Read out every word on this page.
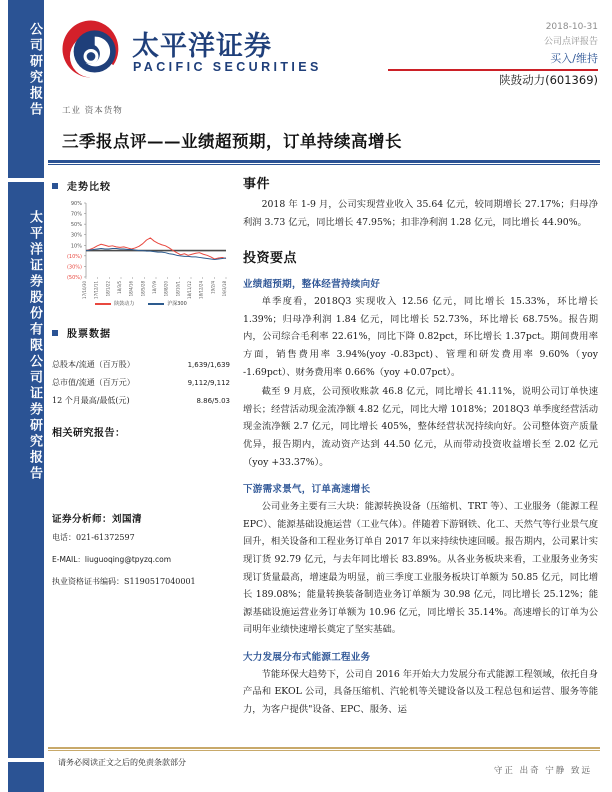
公司研究报告
太平洋证券股份有限公司证券研究报告
太平洋证券
PACIFIC SECURITIES
2018-10-31
公司点评报告
买入/维持
陕鼓动力(601369)
工业 资本货物
三季报点评——业绩超预期，订单持续高增长
走势比较
90%
70%
50%
30%
10%
(10%)
(30%)
(50%)
17/10/30 17/12/11 18/1/22 18/3/5 18/4/16 18/5/28 18/7/9 18/8/20 18/10/1 18/11/12 18/12/24 19/2/4 19/3/18
陕鼓动力	沪深300
股票数据
总股本/流通（百万股）	1,639/1,639
总市值/流通（百万元）	9,112/9,112
12 个月最高/最低(元)	8.86/5.03
相关研究报告：
证券分析师：刘国清
电话：021-61372597
E-MAIL：liuguoqing@tpyzq.com
执业资格证书编码：S1190517040001
事件

2018 年 1-9 月，公司实现营业收入 35.64 亿元，较同期增长 27.17%；归母净利润 3.73 亿元，同比增长 47.95%；扣非净利润 1.28 亿元，同比增长 44.90%。

投资要点
业绩超预期，整体经营持续向好

单季度看，2018Q3 实现收入 12.56 亿元，同比增长 15.33%，环比增长 1.39%；归母净利润 1.84 亿元，同比增长 52.73%，环比增长 68.75%。报告期内，公司综合毛利率 22.61%，同比下降 0.82pct，环比增长 1.37pct。期间费用率方面，销售费用率 3.94%(yoy -0.83pct)、管理和研发费用率 9.60%（yoy -1.69pct）、财务费用率 0.66%（yoy +0.07pct）。

截至 9 月底，公司预收账款 46.8 亿元，同比增长 41.11%，说明公司订单快速增长；经营活动现金流净额 4.82 亿元，同比大增 1018%；2018Q3 单季度经营活动现金流净额 2.7 亿元，同比增长 405%，整体经营状况持续向好。公司整体资产质量优异，报告期内，流动资产达到 44.50 亿元，从而带动投资收益增长至 2.02 亿元（yoy +33.37%）。

下游需求景气，订单高速增长

公司业务主要有三大块：能源转换设备（压缩机、TRT 等）、工业服务（能源工程 EPC）、能源基础设施运营（工业气体）。伴随着下游钢铁、化工、天然气等行业景气度回升，相关设备和工程业务订单自 2017 年以来持续快速回暖。报告期内，公司累计实现订货 92.79 亿元，与去年同比增长 83.89%。从各业务板块来看，工业服务业务实现订货量最高，增速最为明显，前三季度工业服务板块订单额为 50.85 亿元，同比增长 189.08%；能量转换装备制造业务订单额为 30.98 亿元，同比增长 25.12%；能源基础设施运营业务订单额为 10.96 亿元，同比增长 35.14%。高速增长的订单为公司明年业绩快速增长奠定了坚实基础。

大力发展分布式能源工程业务

节能环保大趋势下，公司自 2016 年开始大力发展分布式能源工程领域，依托自身产品和 EKOL 公司，具备压缩机、汽轮机等关键设备以及工程总包和运营、服务等能力，为客户提供"设备、EPC、服务、运

请务必阅读正文之后的免责条款部分
守正 出奇 宁静 致远
